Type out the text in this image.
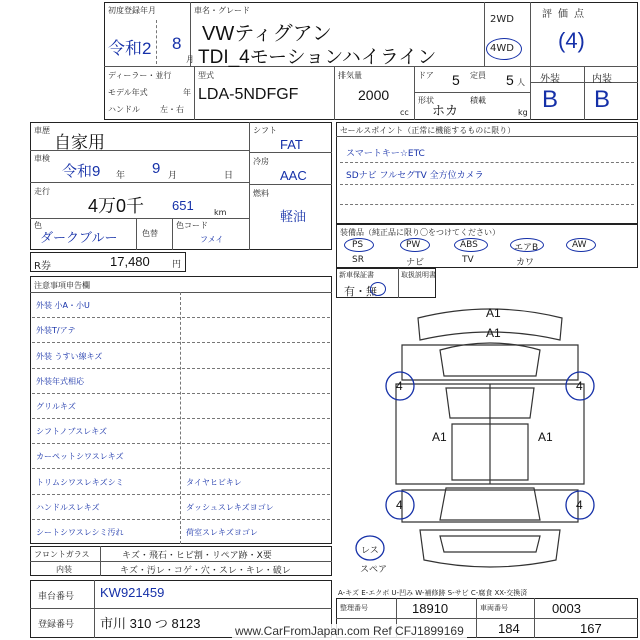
初度登録年月
令和2 8
月
車名・グレード
VWティグアン
TDI_4モーションハイライン
2WD
4WD
評価点
(4)
ディーラー・並行
モデル年式	年
ハンドル	左・右
型式
LDA-5NDFGF
排気量
2000
cc
ドア 5 定員 5 人
形状
ホカ
積載
kg
外装	内装
B B
車歴
自家用
車検
令和9 年 9 月	日
走行
4万0千 651	km
色
ダークブルー	色替
色コード
フメイ
シフト
FAT
冷房
AAC
燃料
軽油
R券	17,480 円
セールスポイント（正常に機能するものに限り）
スマートキー☆ETC
SDナビ フルセグTV 全方位カメラ
装備品（純正品に限り〇をつけてください）
PS	PW	ABS	エアB	AW
SR	ナビ	TV	カワ
新車保証書	取扱説明書
有・無
注意事項申告欄
外装 小A・小U
外装T/アテ
外装 うすい線キズ
外装年式相応
グリルキズ
シフトノブスレキズ
カーペットシワスレキズ
トリムシワスレキズシミ	タイヤヒビキレ
ハンドルスレキズ	ダッシュスレキズヨゴレ
シートシワスレシミ汚れ	荷室スレキズヨゴレ
フロントガラス	キズ・飛石・ヒビ割・リペア跡・X要
内装	キズ・汚レ・コゲ・穴・スレ・キレ・破レ
車台番号 KW921459
登録番号 市川 310 つ 8123
A1
A1
4	4
A1	A1
4	4
レス
スペア
A-キズ E-エクボ U-凹み W-補修跡 S-サビ C-腐食 XX-交換済
整理番号	18910	車両番号	0003
184	167
www.CarFromJapan.com Ref CFJ1899169
